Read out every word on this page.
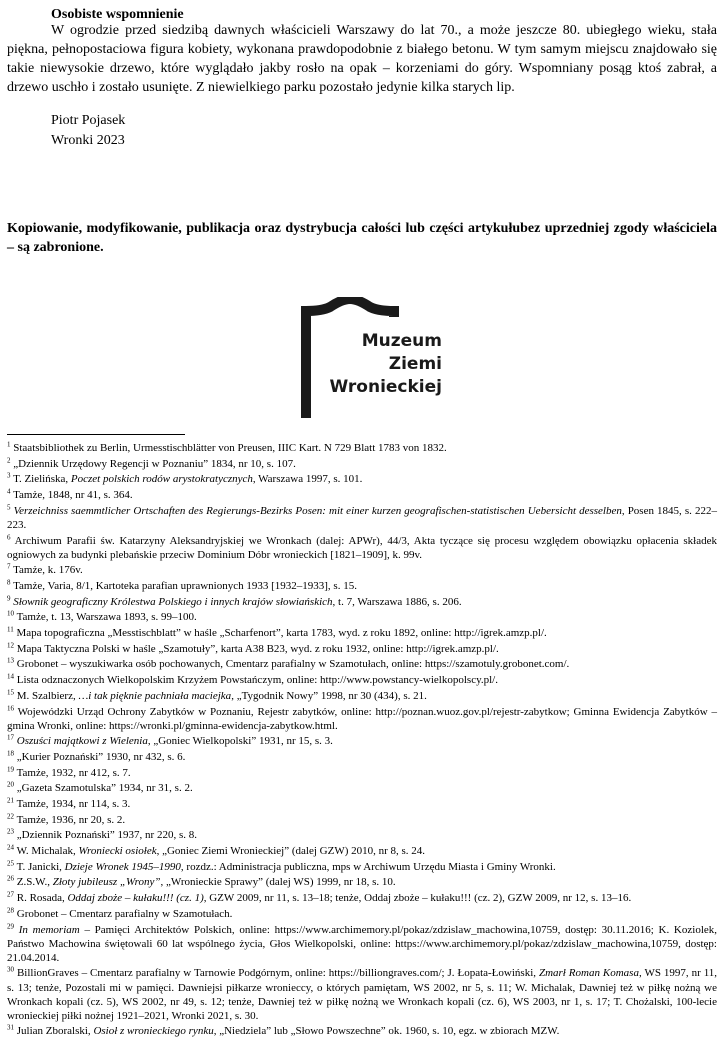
Osobiste wspomnienie

W ogrodzie przed siedzibą dawnych właścicieli Warszawy do lat 70., a może jeszcze 80. ubiegłego wieku, stała piękna, pełnopostaciowa figura kobiety, wykonana prawdopodobnie z białego betonu. W tym samym miejscu znajdowało się takie niewysokie drzewo, które wyglądało jakby rosło na opak – korzeniami do góry. Wspomniany posąg ktoś zabrał, a drzewo uschło i zostało usunięte. Z niewielkiego parku pozostało jedynie kilka starych lip.

Piotr Pojasek
Wronki 2023

Kopiowanie, modyfikowanie, publikacja oraz dystrybucja całości lub części artykułubez uprzedniej zgody właściciela – są zabronione.

Muzeum
Ziemi
Wronieckiej
$^1$ Staatsbibliothek zu Berlin, Urmesstischblätter von Preusen, IIIC Kart. N 729 Blatt 1783 von 1832.
$^2$ „Dziennik Urzędowy Regencji w Poznaniu” 1834, nr 10, s. 107.
$^3$ T. Zielińska, Poczet polskich rodów arystokratycznych, Warszawa 1997, s. 101.
$^4$ Tamże, 1848, nr 41, s. 364.
$^5$ Verzeichniss saemmtlicher Ortschaften des Regierungs-Bezirks Posen: mit einer kurzen geografischen-statistischen Uebersicht desselben, Posen 1845, s. 222–223.
$^6$ Archiwum Parafii św. Katarzyny Aleksandryjskiej we Wronkach (dalej: APWr), 44/3, Akta tyczące się procesu względem obowiązku opłacenia składek ogniowych za budynki plebańskie przeciw Dominium Dóbr wronieckich [1821–1909], k. 99v.
$^7$ Tamże, k. 176v.
$^8$ Tamże, Varia, 8/1, Kartoteka parafian uprawnionych 1933 [1932–1933], s. 15.
$^9$ Słownik geograficzny Królestwa Polskiego i innych krajów słowiańskich, t. 7, Warszawa 1886, s. 206.
$^{10}$ Tamże, t. 13, Warszawa 1893, s. 99–100.
$^{11}$ Mapa topograficzna „Messtischblatt” w haśle „Scharfenort”, karta 1783, wyd. z roku 1892, online: http://igrek.amzp.pl/.
$^{12}$ Mapa Taktyczna Polski w haśle „Szamotuły”, karta A38 B23, wyd. z roku 1932, online: http://igrek.amzp.pl/.
$^{13}$ Grobonet – wyszukiwarka osób pochowanych, Cmentarz parafialny w Szamotułach, online: https://szamotuly.grobonet.com/.
$^{14}$ Lista odznaczonych Wielkopolskim Krzyżem Powstańczym, online: http://www.powstancy-wielkopolscy.pl/.
$^{15}$ M. Szalbierz, …i tak pięknie pachniała maciejka, „Tygodnik Nowy” 1998, nr 30 (434), s. 21.
$^{16}$ Wojewódzki Urząd Ochrony Zabytków w Poznaniu, Rejestr zabytków, online: http://poznan.wuoz.gov.pl/rejestr-zabytkow; Gminna Ewidencja Zabytków – gmina Wronki, online: https://wronki.pl/gminna-ewidencja-zabytkow.html.
$^{17}$ Oszuści majątkowi z Wielenia, „Goniec Wielkopolski” 1931, nr 15, s. 3.
$^{18}$ „Kurier Poznański” 1930, nr 432, s. 6.
$^{19}$ Tamże, 1932, nr 412, s. 7.
$^{20}$ „Gazeta Szamotulska” 1934, nr 31, s. 2.
$^{21}$ Tamże, 1934, nr 114, s. 3.
$^{22}$ Tamże, 1936, nr 20, s. 2.
$^{23}$ „Dziennik Poznański” 1937, nr 220, s. 8.
$^{24}$ W. Michalak, Wroniecki osiołek, „Goniec Ziemi Wronieckiej” (dalej GZW) 2010, nr 8, s. 24.
$^{25}$ T. Janicki, Dzieje Wronek 1945–1990, rozdz.: Administracja publiczna, mps w Archiwum Urzędu Miasta i Gminy Wronki.
$^{26}$ Z.S.W., Złoty jubileusz „Wrony”, „Wronieckie Sprawy” (dalej WS) 1999, nr 18, s. 10.
$^{27}$ R. Rosada, Oddaj zboże – kułaku!!! (cz. 1), GZW 2009, nr 11, s. 13–18; tenże, Oddaj zboże – kułaku!!! (cz. 2), GZW 2009, nr 12, s. 13–16.
$^{28}$ Grobonet – Cmentarz parafialny w Szamotułach.
$^{29}$ In memoriam – Pamięci Architektów Polskich, online: https://www.archimemory.pl/pokaz/zdzislaw_machowina,10759, dostęp: 30.11.2016; K. Koziolek, Państwo Machowina świętowali 60 lat wspólnego życia, Głos Wielkopolski, online: https://www.archimemory.pl/pokaz/zdzislaw_machowina,10759, dostęp: 21.04.2014.
$^{30}$ BillionGraves – Cmentarz parafialny w Tarnowie Podgórnym, online: https://billiongraves.com/; J. Łopata-Łowiński, Zmarł Roman Komasa, WS 1997, nr 11, s. 13; tenże, Pozostali mi w pamięci. Dawniejsi piłkarze wronieccy, o których pamiętam, WS 2002, nr 5, s. 11; W. Michalak, Dawniej też w piłkę nożną we Wronkach kopali (cz. 5), WS 2002, nr 49, s. 12; tenże, Dawniej też w piłkę nożną we Wronkach kopali (cz. 6), WS 2003, nr 1, s. 17; T. Chożalski, 100-lecie wronieckiej piłki nożnej 1921–2021, Wronki 2021, s. 30.
$^{31}$ Julian Zboralski, Osioł z wronieckiego rynku, „Niedziela” lub „Słowo Powszechne” ok. 1960, s. 10, egz. w zbiorach MZW.
